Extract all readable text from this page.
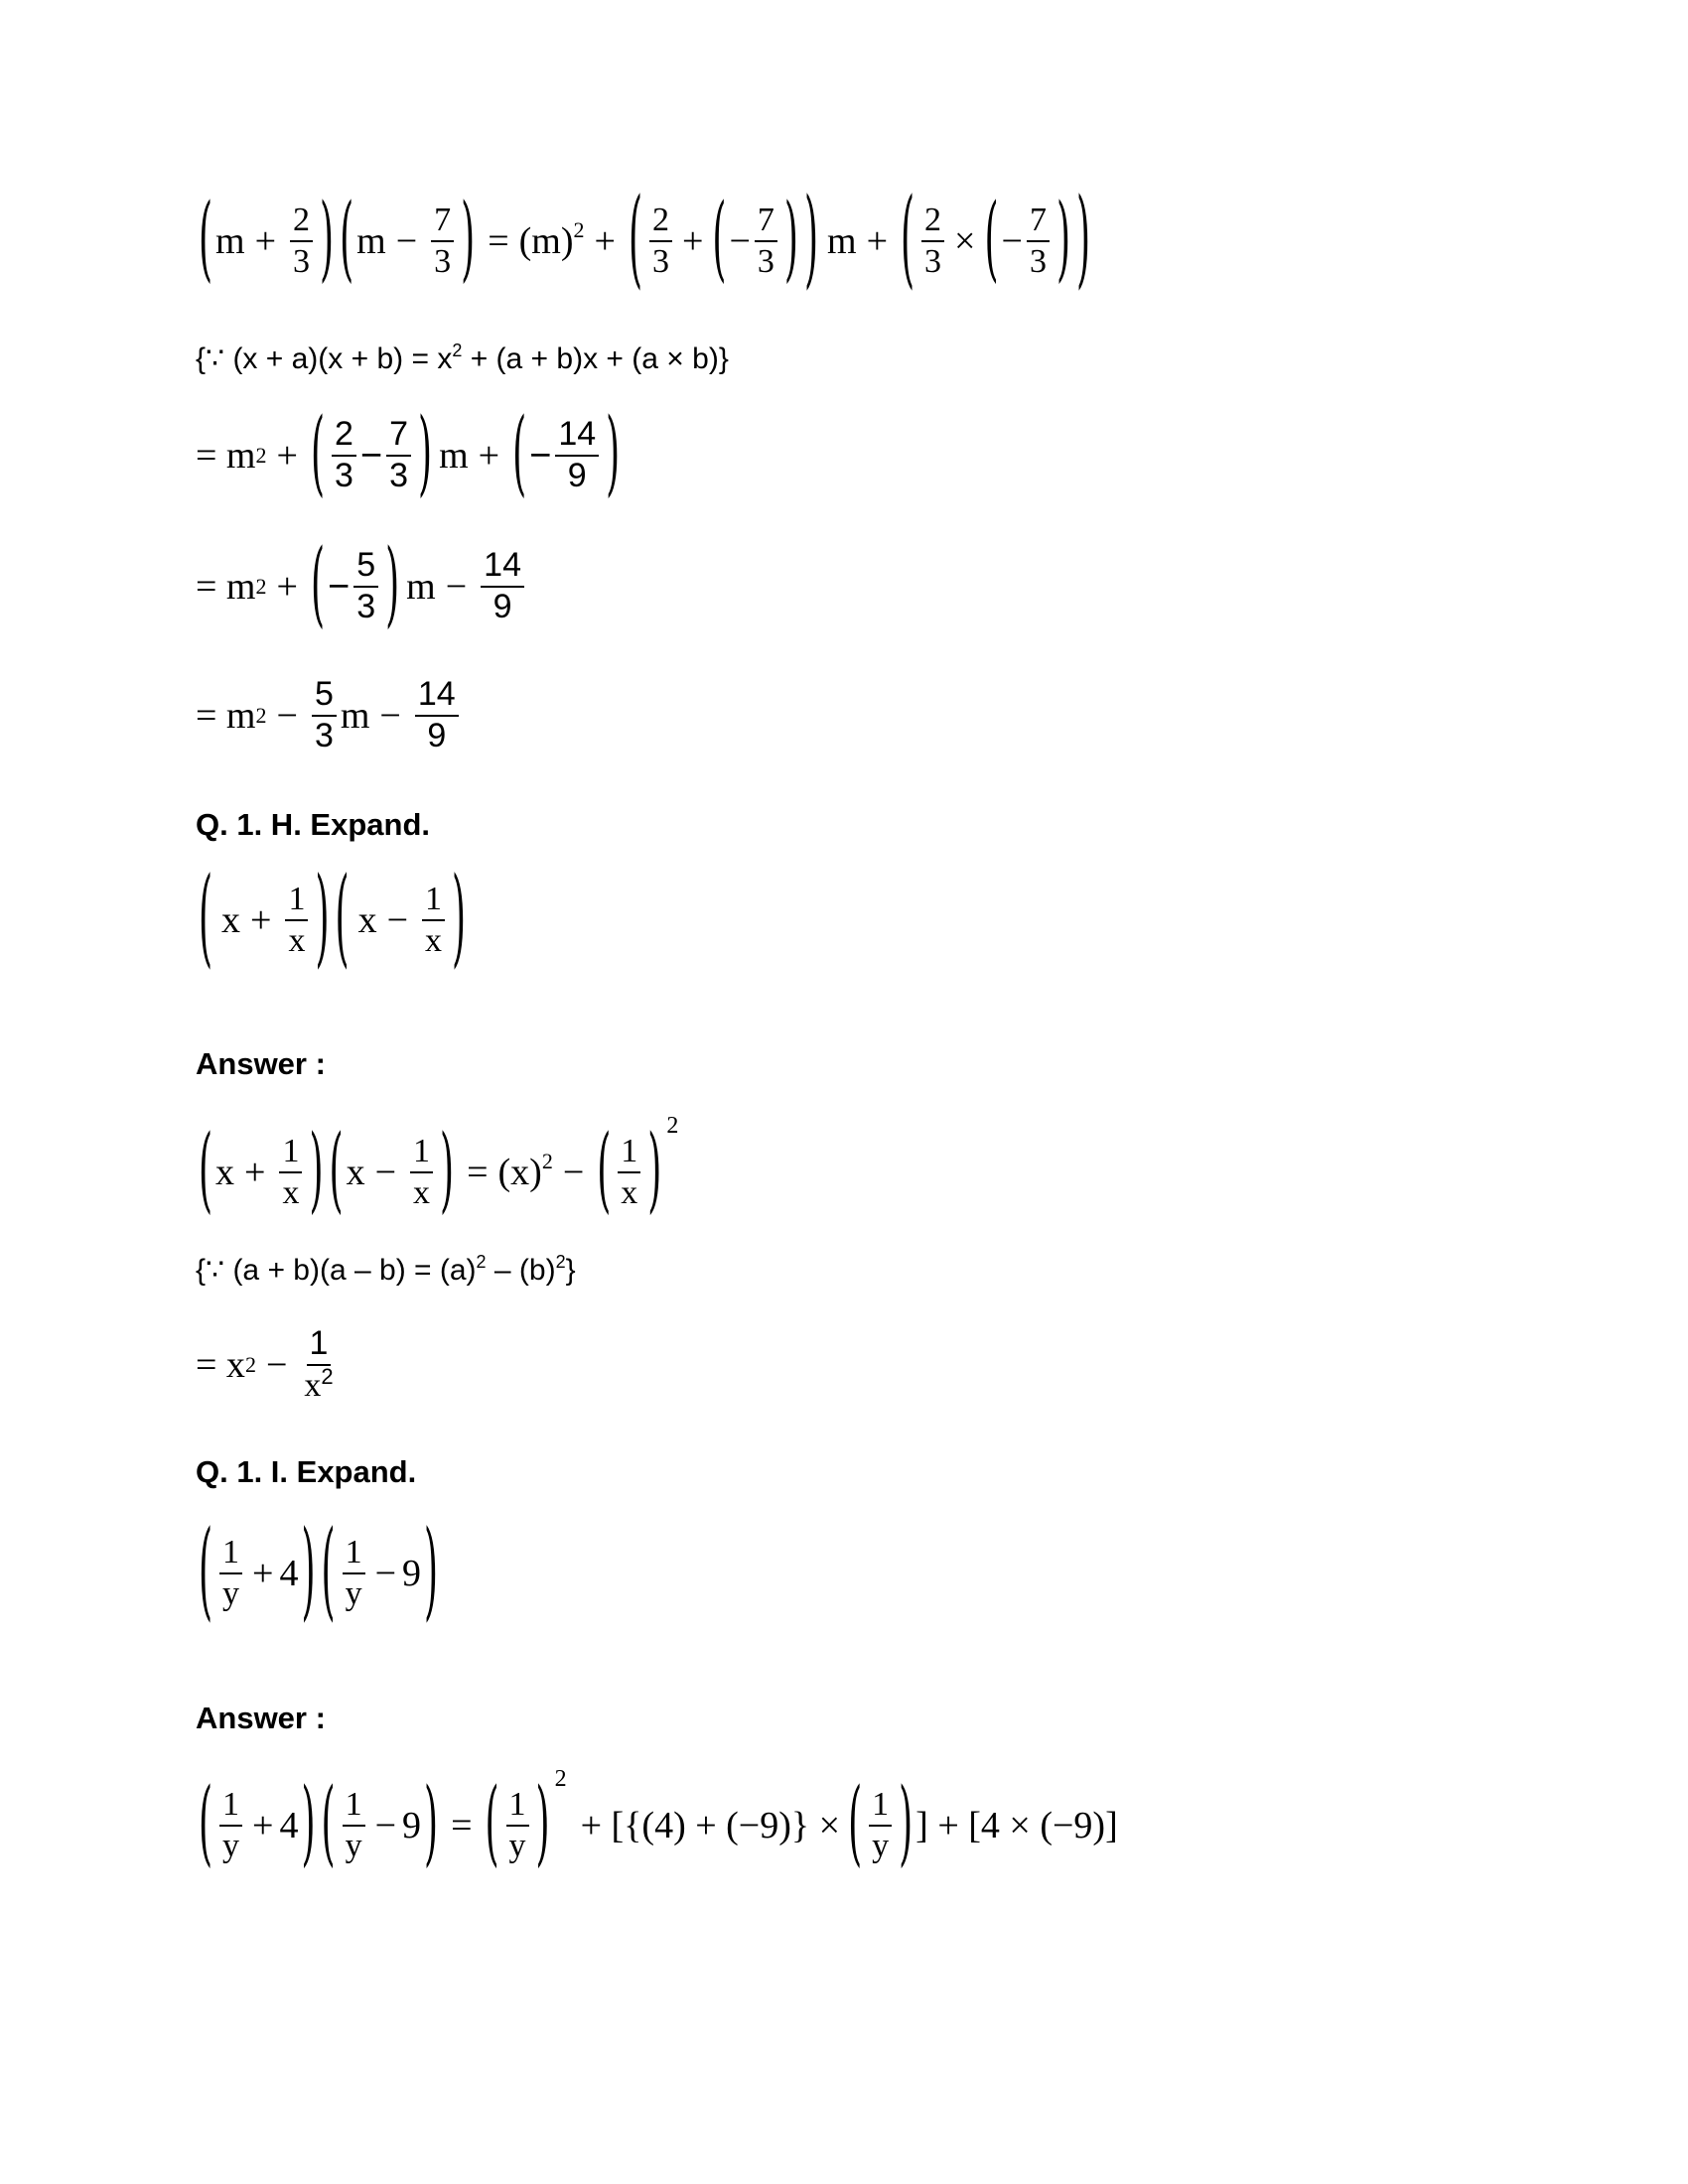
( $m + \frac{2}{3}$ ) ( $m - \frac{7}{3}$ ) = $(m)^2$ + ( $\frac{2}{3}$ + ( − $\frac{7}{3}$ ) ) m + ( $\frac{2}{3}$ × ( − $\frac{7}{3}$ ) )
{∵ $(x + a)(x + b) = x^2 + (a + b)x + (a \times b)$}
= m 2 + ( $\frac{2}{3} - \frac{7}{3}$ ) m + ( − $\frac{14}{9}$ )
= m 2 + ( − $\frac{5}{3}$ ) $m - \frac{14}{9}$
= m $2 - \frac{5}{3}$ $m - \frac{14}{9}$
Q. 1. H. Expand.
( $x + \frac{1}{x}$ ) ( $x - \frac{1}{x}$ )
Answer :
( $x + \frac{1}{x}$ ) ( $x - \frac{1}{x}$ ) = $(x)^2$ − ( $\frac{1}{x}$ ) 2
{∵ $(a + b)(a - b) = (a)^2 - (b)^2$}
= x $2 - \frac{1}{x^2}$
Q. 1. I. Expand.
( $\frac{1}{y} + 4$ ) ( $\frac{1}{y} - 9$ )
Answer :
( $\frac{1}{y} + 4$ ) ( $\frac{1}{y} - 9$ ) = ( $\frac{1}{y}$ ) 2
+ [{(4) + (−9)} × ( $\frac{1}{y}$ ) ] + [4 × (−9)]
